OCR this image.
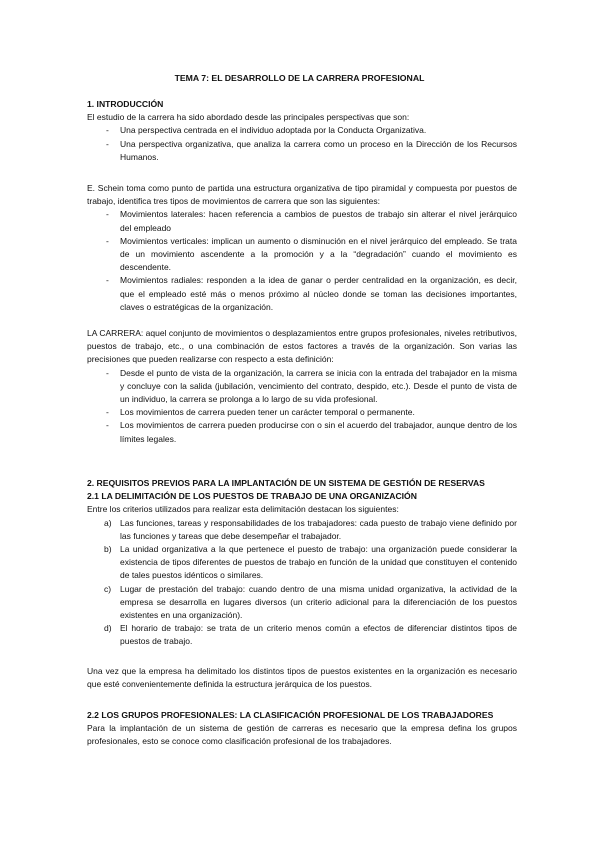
TEMA 7: EL DESARROLLO DE LA CARRERA PROFESIONAL
1. INTRODUCCIÓN

El estudio de la carrera ha sido abordado desde las principales perspectivas que son:

- Una perspectiva centrada en el individuo adoptada por la Conducta Organizativa.
- Una perspectiva organizativa, que analiza la carrera como un proceso en la Dirección de los Recursos Humanos.

E. Schein toma como punto de partida una estructura organizativa de tipo piramidal y compuesta por puestos de trabajo, identifica tres tipos de movimientos de carrera que son las siguientes:

- Movimientos laterales: hacen referencia a cambios de puestos de trabajo sin alterar el nivel jerárquico del empleado
- Movimientos verticales: implican un aumento o disminución en el nivel jerárquico del empleado. Se trata de un movimiento ascendente a la promoción y a la “degradación” cuando el movimiento es descendente.
- Movimientos radiales: responden a la idea de ganar o perder centralidad en la organización, es decir, que el empleado esté más o menos próximo al núcleo donde se toman las decisiones importantes, claves o estratégicas de la organización.

LA CARRERA: aquel conjunto de movimientos o desplazamientos entre grupos profesionales, niveles retributivos, puestos de trabajo, etc., o una combinación de estos factores a través de la organización. Son varias las precisiones que pueden realizarse con respecto a esta definición:

- Desde el punto de vista de la organización, la carrera se inicia con la entrada del trabajador en la misma y concluye con la salida (jubilación, vencimiento del contrato, despido, etc.). Desde el punto de vista de un individuo, la carrera se prolonga a lo largo de su vida profesional.
- Los movimientos de carrera pueden tener un carácter temporal o permanente.
- Los movimientos de carrera pueden producirse con o sin el acuerdo del trabajador, aunque dentro de los límites legales.
2. REQUISITOS PREVIOS PARA LA IMPLANTACIÓN DE UN SISTEMA DE GESTIÓN DE RESERVAS
2.1 LA DELIMITACIÓN DE LOS PUESTOS DE TRABAJO DE UNA ORGANIZACIÓN

Entre los criterios utilizados para realizar esta delimitación destacan los siguientes:

a) Las funciones, tareas y responsabilidades de los trabajadores: cada puesto de trabajo viene definido por las funciones y tareas que debe desempeñar el trabajador.
b) La unidad organizativa a la que pertenece el puesto de trabajo: una organización puede considerar la existencia de tipos diferentes de puestos de trabajo en función de la unidad que constituyen el contenido de tales puestos idénticos o similares.
c) Lugar de prestación del trabajo: cuando dentro de una misma unidad organizativa, la actividad de la empresa se desarrolla en lugares diversos (un criterio adicional para la diferenciación de los puestos existentes en una organización).
d) El horario de trabajo: se trata de un criterio menos común a efectos de diferenciar distintos tipos de puestos de trabajo.

Una vez que la empresa ha delimitado los distintos tipos de puestos existentes en la organización es necesario que esté convenientemente definida la estructura jerárquica de los puestos.

2.2 LOS GRUPOS PROFESIONALES: LA CLASIFICACIÓN PROFESIONAL DE LOS TRABAJADORES

Para la implantación de un sistema de gestión de carreras es necesario que la empresa defina los grupos profesionales, esto se conoce como clasificación profesional de los trabajadores.
